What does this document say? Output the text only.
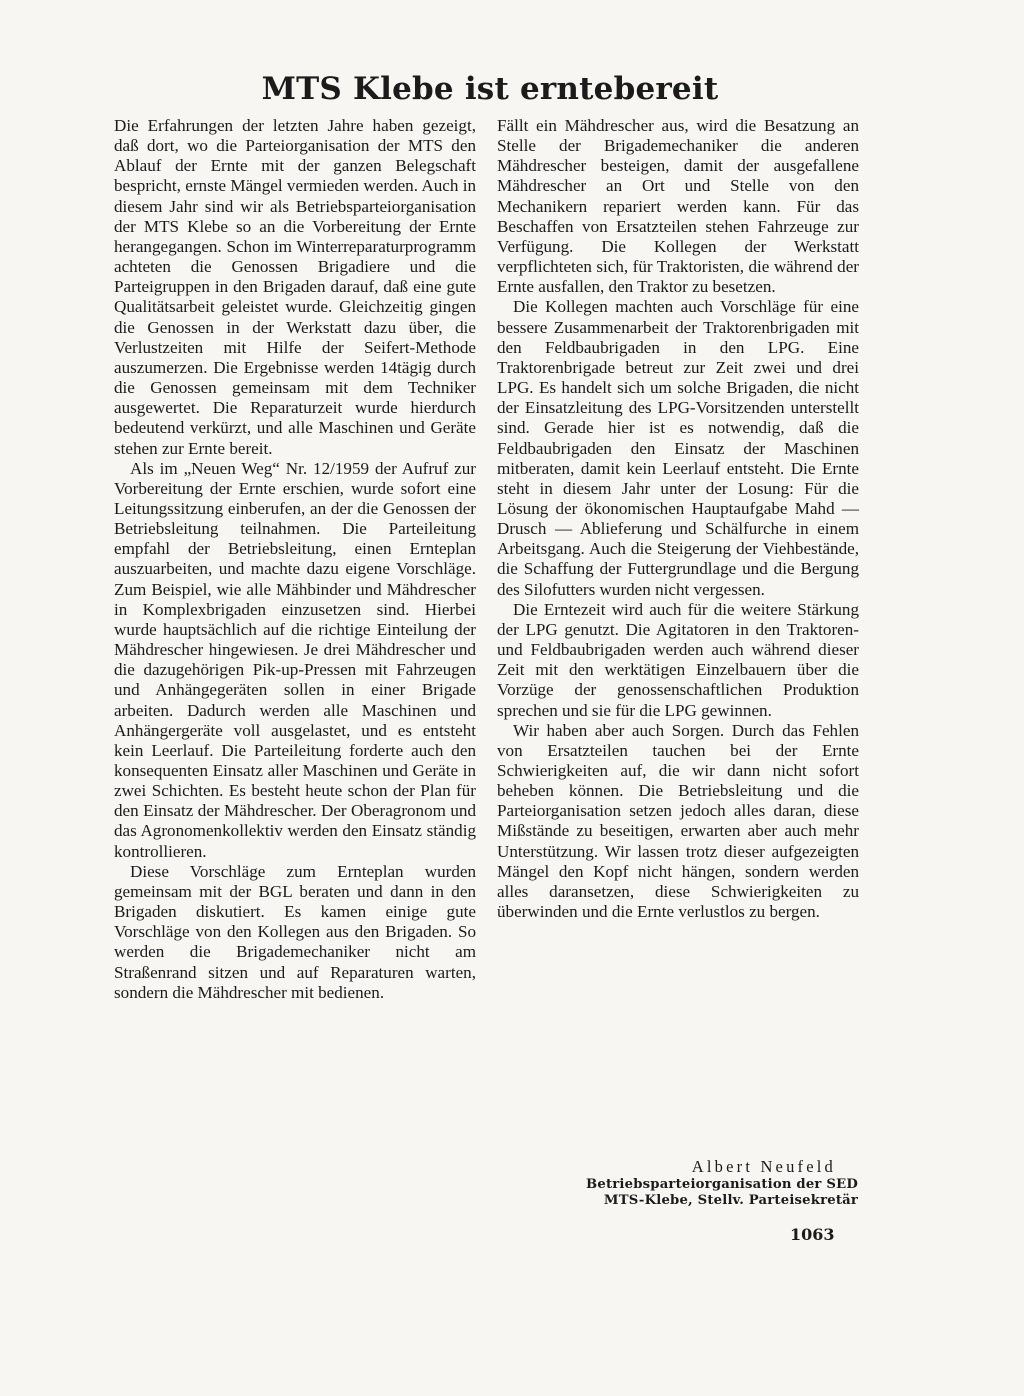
MTS Klebe ist erntebereit

Die Erfahrungen der letzten Jahre haben gezeigt, daß dort, wo die Parteiorganisation der MTS den Ablauf der Ernte mit der ganzen Belegschaft bespricht, ernste Mängel vermieden werden. Auch in diesem Jahr sind wir als Betriebsparteiorganisation der MTS Klebe so an die Vorbereitung der Ernte herangegangen. Schon im Winterreparaturprogramm achteten die Genossen Brigadiere und die Parteigruppen in den Brigaden darauf, daß eine gute Qualitätsarbeit geleistet wurde. Gleichzeitig gingen die Genossen in der Werkstatt dazu über, die Verlustzeiten mit Hilfe der Seifert-Methode auszumerzen. Die Ergebnisse werden 14tägig durch die Genossen gemeinsam mit dem Techniker ausgewertet. Die Reparaturzeit wurde hierdurch bedeutend verkürzt, und alle Maschinen und Geräte stehen zur Ernte bereit.

Als im „Neuen Weg“ Nr. 12/1959 der Aufruf zur Vorbereitung der Ernte erschien, wurde sofort eine Leitungssitzung einberufen, an der die Genossen der Betriebsleitung teilnahmen. Die Parteileitung empfahl der Betriebsleitung, einen Ernteplan auszuarbeiten, und machte dazu eigene Vorschläge. Zum Beispiel, wie alle Mähbinder und Mähdrescher in Komplexbrigaden einzusetzen sind. Hierbei wurde hauptsächlich auf die richtige Einteilung der Mähdrescher hingewiesen. Je drei Mähdrescher und die dazugehörigen Pik-up-Pressen mit Fahrzeugen und Anhängegeräten sollen in einer Brigade arbeiten. Dadurch werden alle Maschinen und Anhängergeräte voll ausgelastet, und es entsteht kein Leerlauf. Die Parteileitung forderte auch den konsequenten Einsatz aller Maschinen und Geräte in zwei Schichten. Es besteht heute schon der Plan für den Einsatz der Mähdrescher. Der Oberagronom und das Agronomenkollektiv werden den Einsatz ständig kontrollieren.

Diese Vorschläge zum Ernteplan wurden gemeinsam mit der BGL beraten und dann in den Brigaden diskutiert. Es kamen einige gute Vorschläge von den Kollegen aus den Brigaden. So werden die Brigademechaniker nicht am Straßenrand sitzen und auf Reparaturen warten, sondern die Mähdrescher mit bedienen.

Fällt ein Mähdrescher aus, wird die Besatzung an Stelle der Brigademechaniker die anderen Mähdrescher besteigen, damit der ausgefallene Mähdrescher an Ort und Stelle von den Mechanikern repariert werden kann. Für das Beschaffen von Ersatzteilen stehen Fahrzeuge zur Verfügung. Die Kollegen der Werkstatt verpflichteten sich, für Traktoristen, die während der Ernte ausfallen, den Traktor zu besetzen.

Die Kollegen machten auch Vorschläge für eine bessere Zusammenarbeit der Traktorenbrigaden mit den Feldbaubrigaden in den LPG. Eine Traktorenbrigade betreut zur Zeit zwei und drei LPG. Es handelt sich um solche Brigaden, die nicht der Einsatzleitung des LPG-Vorsitzenden unterstellt sind. Gerade hier ist es notwendig, daß die Feldbaubrigaden den Einsatz der Maschinen mitberaten, damit kein Leerlauf entsteht. Die Ernte steht in diesem Jahr unter der Losung: Für die Lösung der ökonomischen Hauptaufgabe Mahd — Drusch — Ablieferung und Schälfurche in einem Arbeitsgang. Auch die Steigerung der Viehbestände, die Schaffung der Futtergrundlage und die Bergung des Silofutters wurden nicht vergessen.

Die Erntezeit wird auch für die weitere Stärkung der LPG genutzt. Die Agitatoren in den Traktoren- und Feldbaubrigaden werden auch während dieser Zeit mit den werktätigen Einzelbauern über die Vorzüge der genossenschaftlichen Produktion sprechen und sie für die LPG gewinnen.

Wir haben aber auch Sorgen. Durch das Fehlen von Ersatzteilen tauchen bei der Ernte Schwierigkeiten auf, die wir dann nicht sofort beheben können. Die Betriebsleitung und die Parteiorganisation setzen jedoch alles daran, diese Mißstände zu beseitigen, erwarten aber auch mehr Unterstützung. Wir lassen trotz dieser aufgezeigten Mängel den Kopf nicht hängen, sondern werden alles daransetzen, diese Schwierigkeiten zu überwinden und die Ernte verlustlos zu bergen.

Albert Neufeld
Betriebsparteiorganisation der SED
MTS-Klebe, Stellv. Parteisekretär
1063
